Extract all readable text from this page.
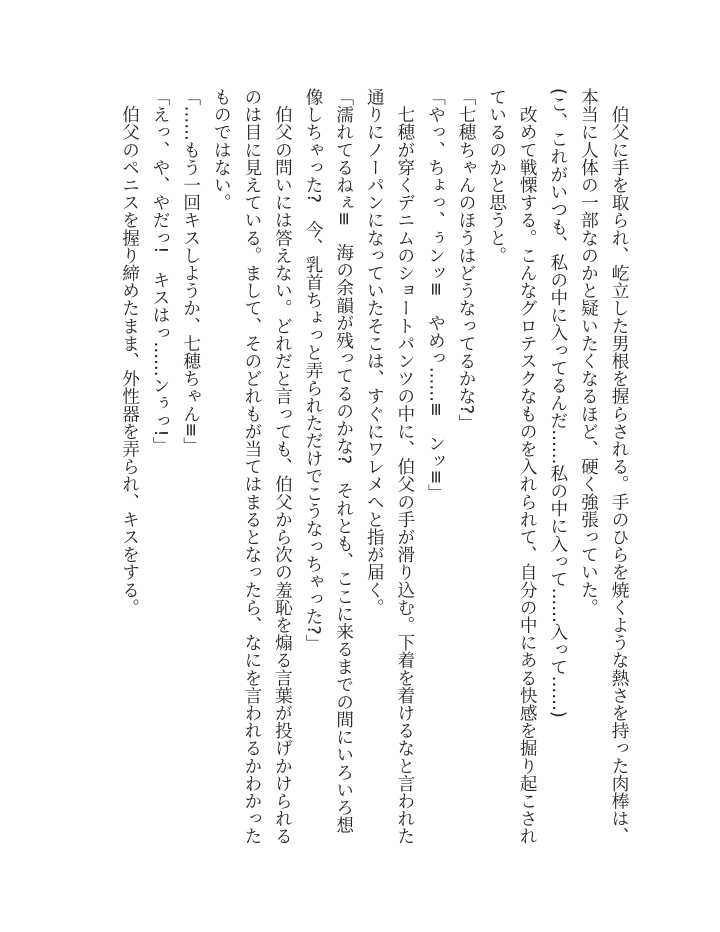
　伯父に手を取られ、屹立した男根を握らされる。手のひらを焼くような熱さを持った肉棒は、
本当に人体の一部なのかと疑いたくなるほど、硬く強張っていた。
(こ、これがいつも、私の中に入ってるんだ……私の中に入って……入って……)
　改めて戦慄する。こんなグロテスクなものを入れられて、自分の中にある快感を掘り起こされ
ているのかと思うと。
「七穂ちゃんのほうはどうなってるかな?」
「やっ、ちょっ、ぅンッ≡　やめっ……≡　ンッ≡」
　七穂が穿くデニムのショートパンツの中に、伯父の手が滑り込む。下着を着けるなと言われた
通りにノーパンになっていたそこは、すぐにワレメへと指が届く。
「濡れてるねぇ≡　海の余韻が残ってるのかな?　それとも、ここに来るまでの間にいろいろ想
像しちゃった?　今、乳首ちょっと弄られただけでこうなっちゃった?」
　伯父の問いには答えない。どれだと言っても、伯父から次の羞恥を煽る言葉が投げかけられる
のは目に見えている。まして、そのどれもが当てはまるとなったら、なにを言われるかわかった
ものではない。
「……もう一回キスしようか、七穂ちゃん≡」
「えっ、や、やだっ!　キスはっ……ンぅっ!」
　伯父のペニスを握り締めたまま、外性器を弄られ、キスをする。
